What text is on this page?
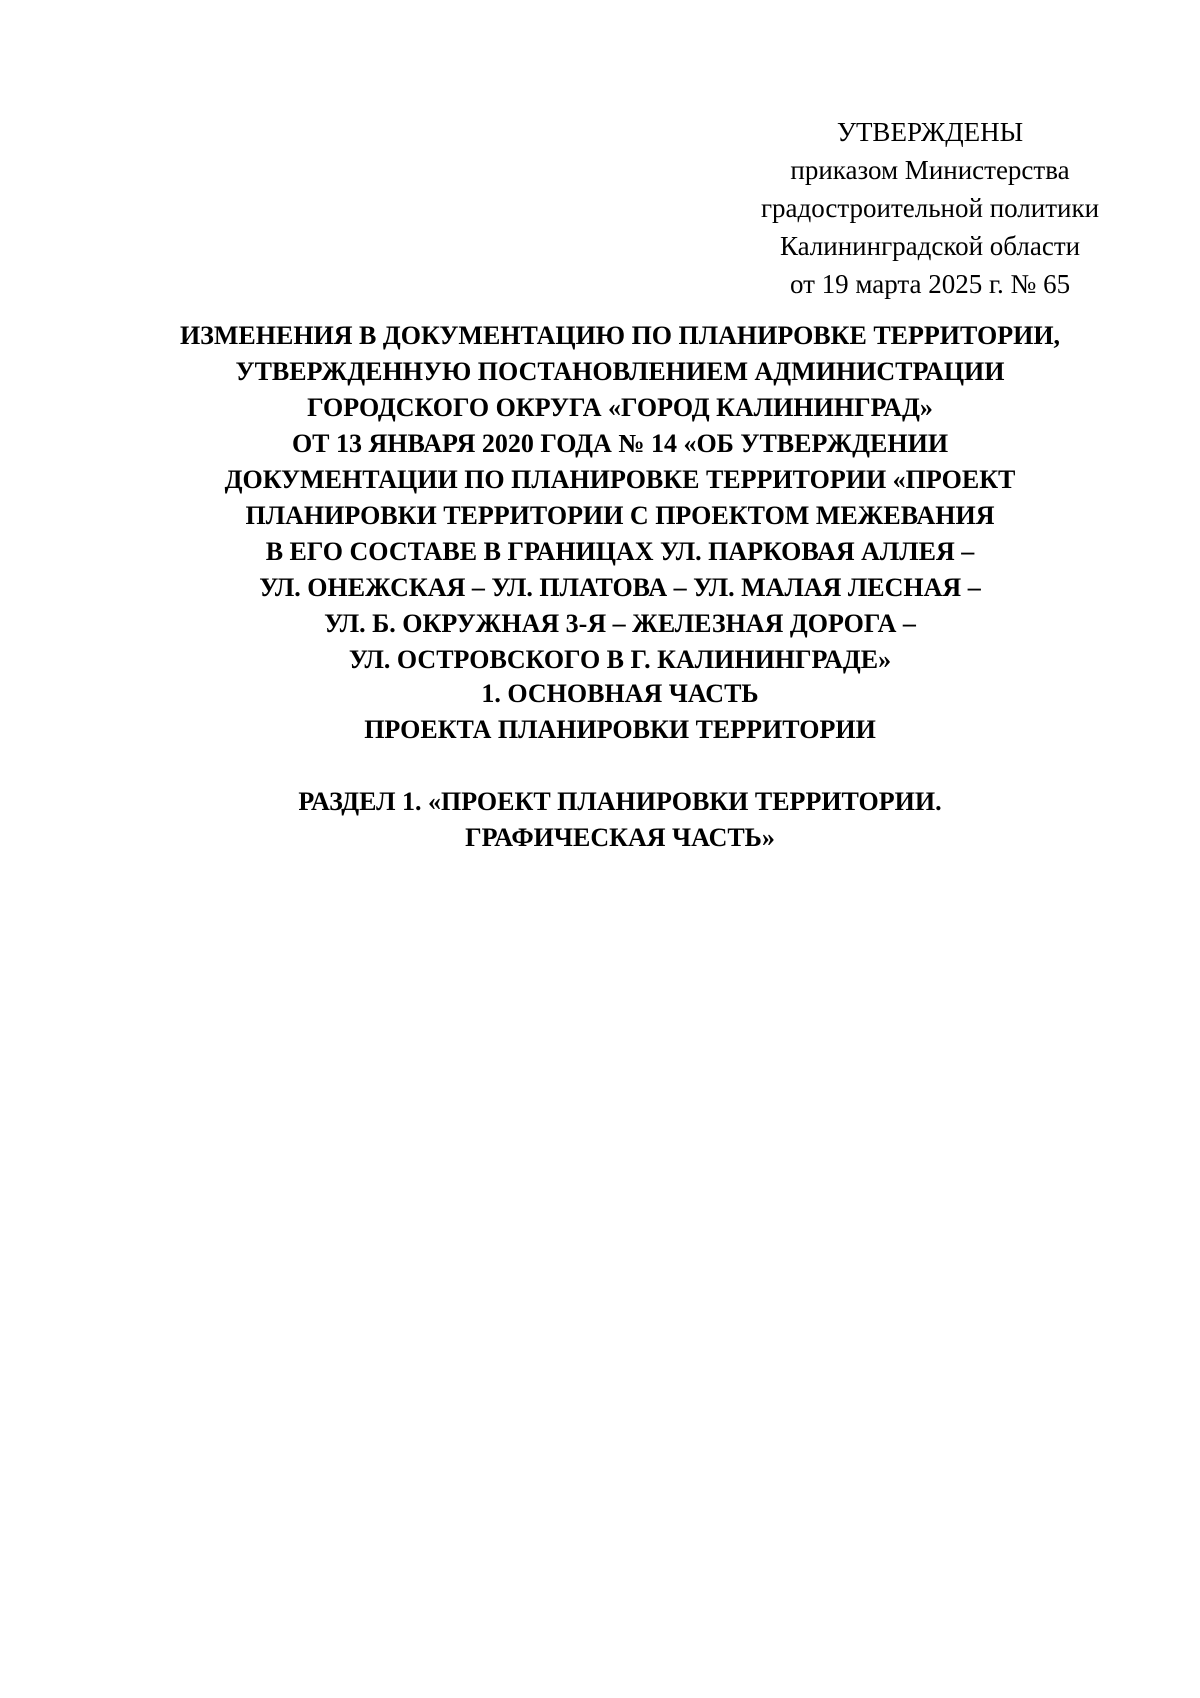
УТВЕРЖДЕНЫ
приказом Министерства
градостроительной политики
Калининградской области
от 19 марта 2025 г. № 65
ИЗМЕНЕНИЯ В ДОКУМЕНТАЦИЮ ПО ПЛАНИРОВКЕ ТЕРРИТОРИИ,
УТВЕРЖДЕННУЮ ПОСТАНОВЛЕНИЕМ АДМИНИСТРАЦИИ
ГОРОДСКОГО ОКРУГА «ГОРОД КАЛИНИНГРАД»
ОТ 13 ЯНВАРЯ 2020 ГОДА № 14 «ОБ УТВЕРЖДЕНИИ
ДОКУМЕНТАЦИИ ПО ПЛАНИРОВКЕ ТЕРРИТОРИИ «ПРОЕКТ
ПЛАНИРОВКИ ТЕРРИТОРИИ С ПРОЕКТОМ МЕЖЕВАНИЯ
В ЕГО СОСТАВЕ В ГРАНИЦАХ УЛ. ПАРКОВАЯ АЛЛЕЯ –
УЛ. ОНЕЖСКАЯ – УЛ. ПЛАТОВА – УЛ. МАЛАЯ ЛЕСНАЯ –
УЛ. Б. ОКРУЖНАЯ 3-Я – ЖЕЛЕЗНАЯ ДОРОГА –
УЛ. ОСТРОВСКОГО В Г. КАЛИНИНГРАДЕ»
1. ОСНОВНАЯ ЧАСТЬ
ПРОЕКТА ПЛАНИРОВКИ ТЕРРИТОРИИ
РАЗДЕЛ 1. «ПРОЕКТ ПЛАНИРОВКИ ТЕРРИТОРИИ.
ГРАФИЧЕСКАЯ ЧАСТЬ»
